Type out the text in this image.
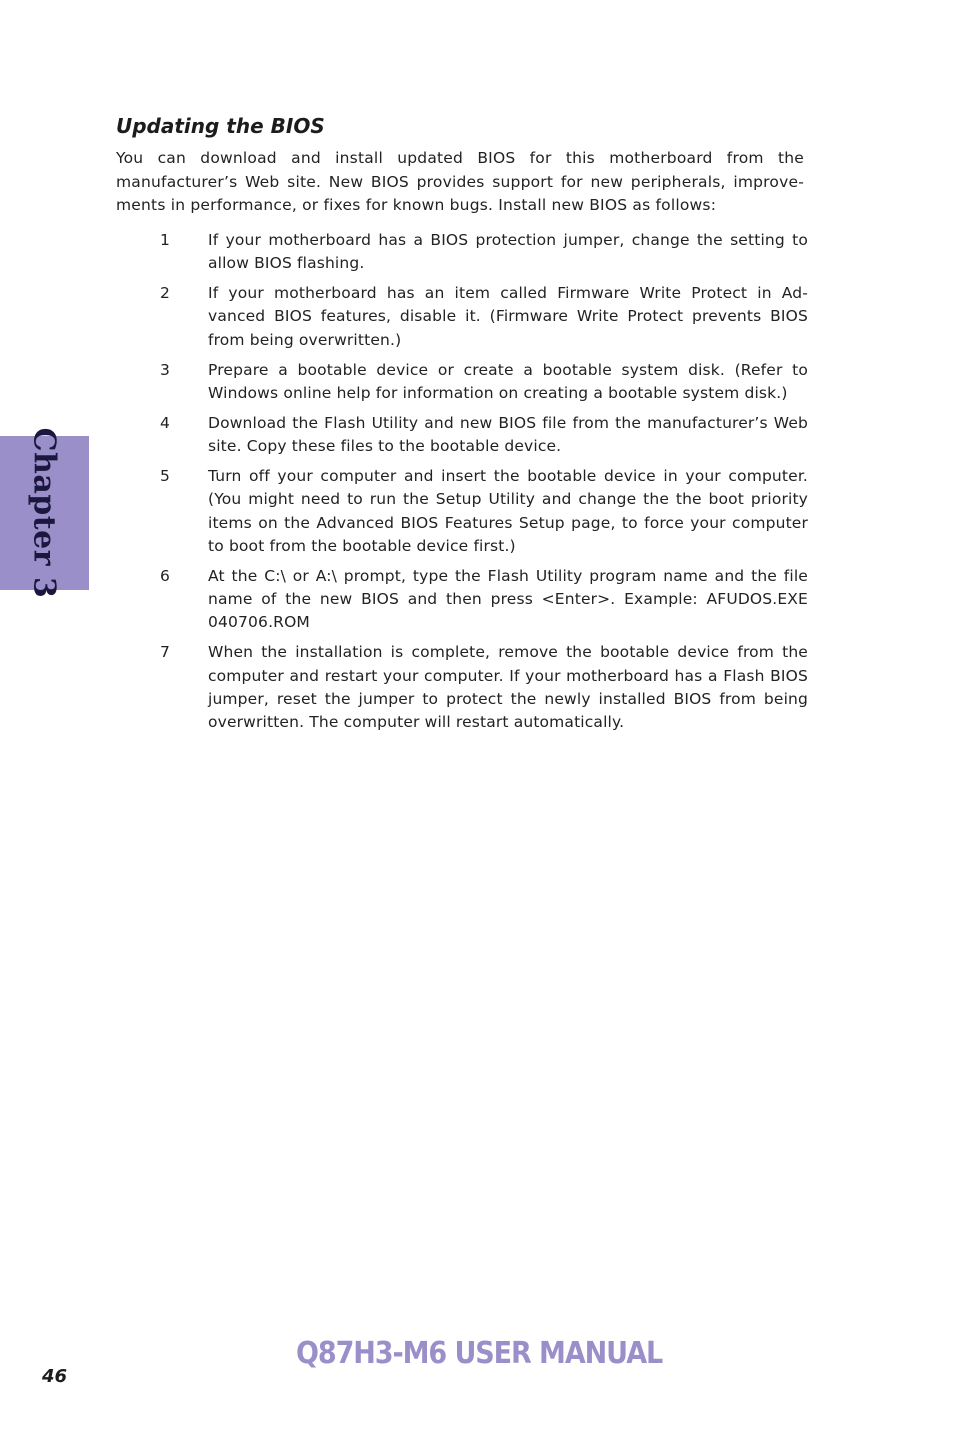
Updating the BIOS

You can download and install updated BIOS for this motherboard from the manufacturer’s Web site. New BIOS provides support for new peripherals, improve-ments in performance, or fixes for known bugs. Install new BIOS as follows:

1 If your motherboard has a BIOS protection jumper, change the setting to allow BIOS flashing.
2 If your motherboard has an item called Firmware Write Protect in Ad-vanced BIOS features, disable it. (Firmware Write Protect prevents BIOS from being overwritten.)
3 Prepare a bootable device or create a bootable system disk. (Refer to Windows online help for information on creating a bootable system disk.)
4 Download the Flash Utility and new BIOS file from the manufacturer’s Web site. Copy these files to the bootable device.
5 Turn off your computer and insert the bootable device in your computer. (You might need to run the Setup Utility and change the the boot priority items on the Advanced BIOS Features Setup page, to force your computer to boot from the bootable device first.)
6 At the C:\ or A:\ prompt, type the Flash Utility program name and the file name of the new BIOS and then press <Enter>. Example: AFUDOS.EXE 040706.ROM
7 When the installation is complete, remove the bootable device from the computer and restart your computer. If your motherboard has a Flash BIOS jumper, reset the jumper to protect the newly installed BIOS from being overwritten. The computer will restart automatically.
Chapter 3
46
Q87H3-M6 USER MANUAL
